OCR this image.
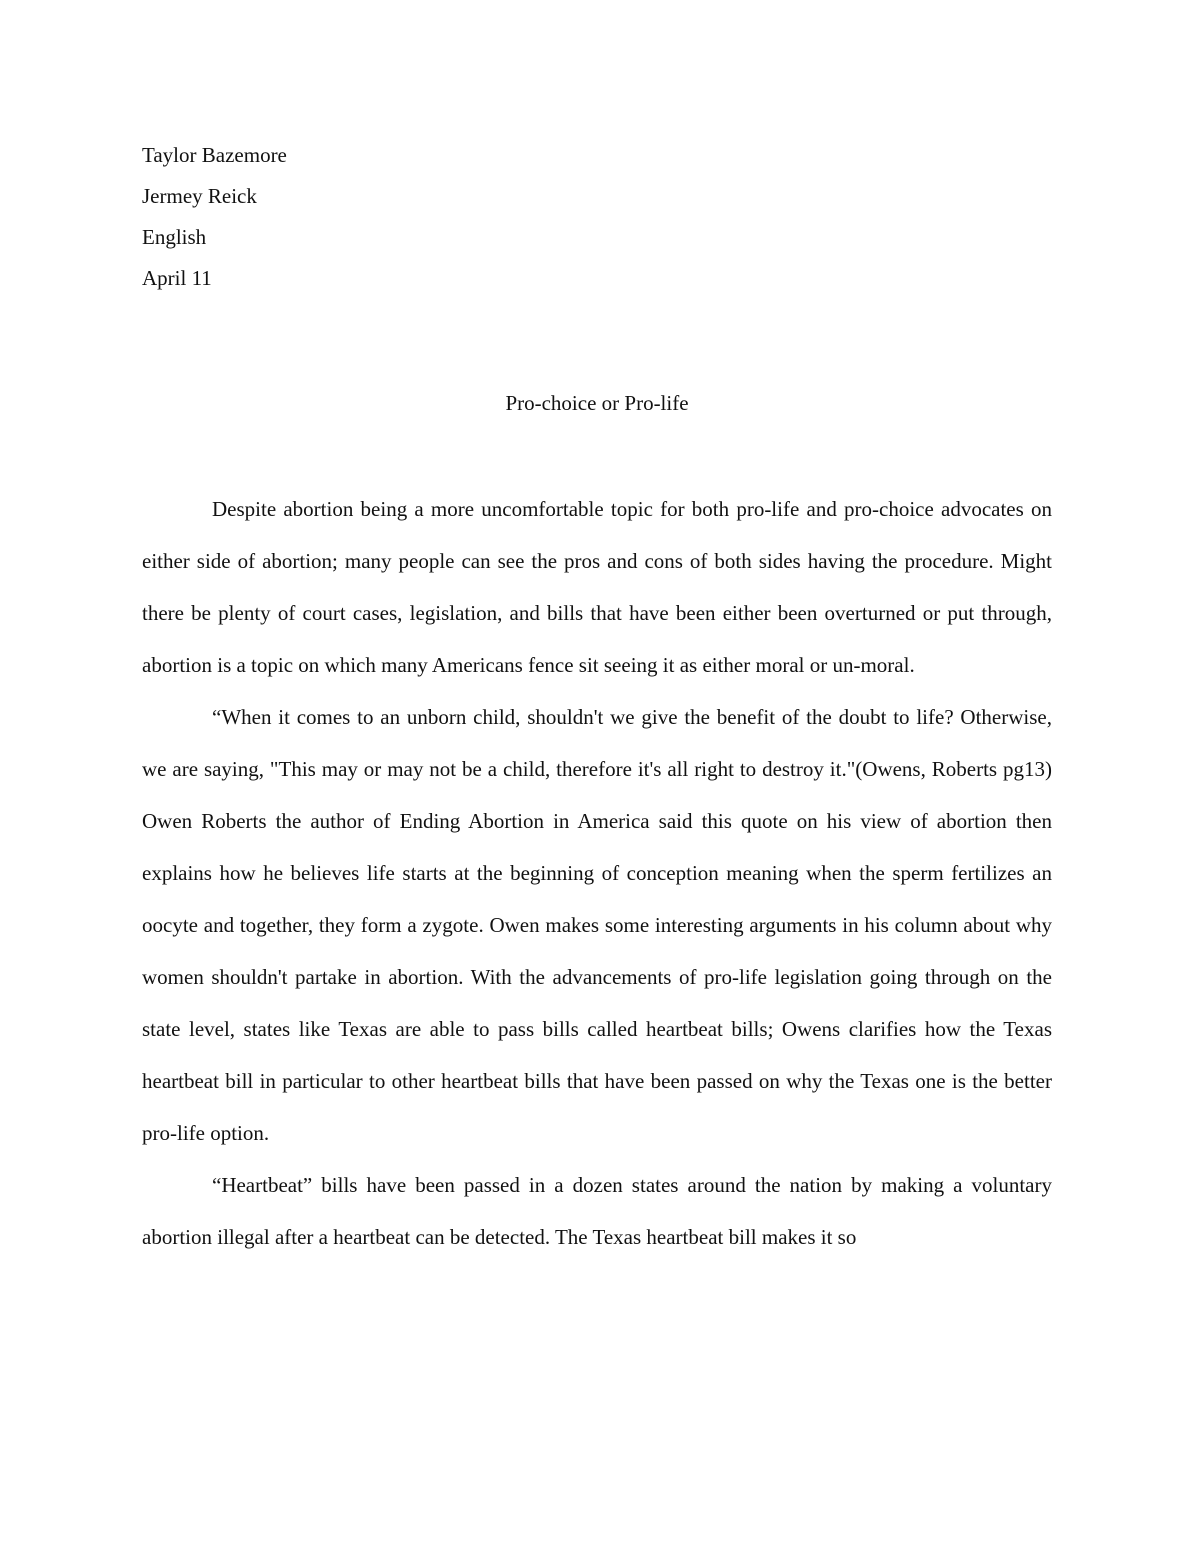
Taylor Bazemore

Jermey Reick

English

April 11

Pro-choice or Pro-life

Despite abortion being a more uncomfortable topic for both pro-life and pro-choice advocates on either side of abortion; many people can see the pros and cons of both sides having the procedure. Might there be plenty of court cases, legislation, and bills that have been either been overturned or put through, abortion is a topic on which many Americans fence sit seeing it as either moral or un-moral.

“When it comes to an unborn child, shouldn't we give the benefit of the doubt to life? Otherwise, we are saying, "This may or may not be a child, therefore it's all right to destroy it."(Owens, Roberts pg13) Owen Roberts the author of Ending Abortion in America said this quote on his view of abortion then explains how he believes life starts at the beginning of conception meaning when the sperm fertilizes an oocyte and together, they form a zygote. Owen makes some interesting arguments in his column about why women shouldn't partake in abortion. With the advancements of pro-life legislation going through on the state level, states like Texas are able to pass bills called heartbeat bills; Owens clarifies how the Texas heartbeat bill in particular to other heartbeat bills that have been passed on why the Texas one is the better pro-life option.

“Heartbeat” bills have been passed in a dozen states around the nation by making a voluntary abortion illegal after a heartbeat can be detected. The Texas heartbeat bill makes it so
